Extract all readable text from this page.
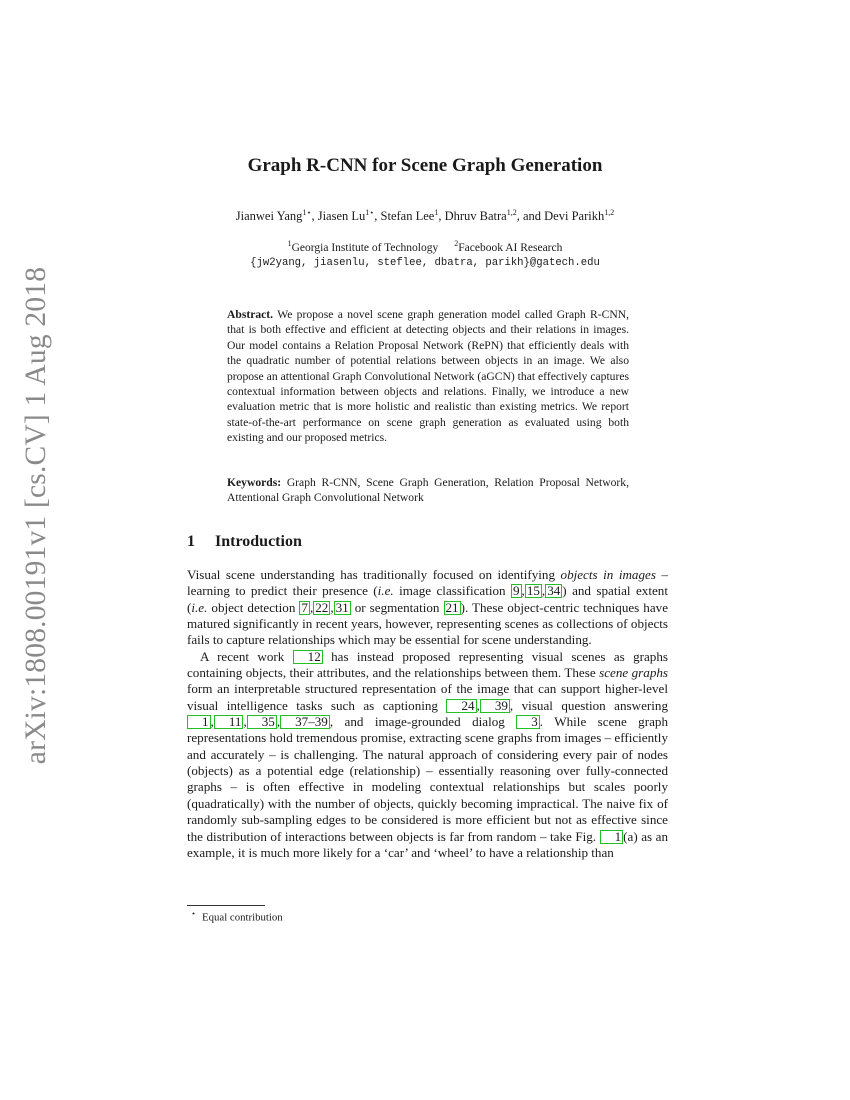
arXiv:1808.00191v1 [cs.CV] 1 Aug 2018
Graph R-CNN for Scene Graph Generation

Jianwei Yang$^{1⋆}$, Jiasen $Lu^{1⋆}$, Stefan Lee$^1$, Dhruv Batra$^{1,2}$, and Devi Parikh$^{1,2}$

$^1$Georgia Institute of Technology $^2$Facebook AI Research

{jw2yang, jiasenlu, steflee, dbatra, parikh}@gatech.edu

Abstract. We propose a novel scene graph generation model called Graph R-CNN, that is both effective and efficient at detecting objects and their relations in images. Our model contains a Relation Proposal Network (RePN) that efficiently deals with the quadratic number of potential relations between objects in an image. We also propose an attentional Graph Convolutional Network (aGCN) that effectively captures contextual information between objects and relations. Finally, we introduce a new evaluation metric that is more holistic and realistic than existing metrics. We report state-of-the-art performance on scene graph generation as evaluated using both existing and our proposed metrics.

Keywords: Graph R-CNN, Scene Graph Generation, Relation Proposal Network, Attentional Graph Convolutional Network

1 Introduction

Visual scene understanding has traditionally focused on identifying objects in images – learning to predict their presence (i.e. image classification 9 , 15 , 34 ) and spatial extent (i.e. object detection 7 , 22 , 31 or segmentation 21 ). These object-centric techniques have matured significantly in recent years, however, representing scenes as collections of objects fails to capture relationships which may be essential for scene understanding.

A recent work 12 has instead proposed representing visual scenes as graphs containing objects, their attributes, and the relationships between them. These scene graphs form an interpretable structured representation of the image that can support higher-level visual intelligence tasks such as captioning 24 , 39 , visual question answering 1 , 11 , 35 , 37–39 , and image-grounded dialog 3 . While scene graph representations hold tremendous promise, extracting scene graphs from images – efficiently and accurately – is challenging. The natural approach of considering every pair of nodes (objects) as a potential edge (relationship) – essentially reasoning over fully-connected graphs – is often effective in modeling contextual relationships but scales poorly (quadratically) with the number of objects, quickly becoming impractical. The naive fix of randomly sub-sampling edges to be considered is more efficient but not as effective since the distribution of interactions between objects is far from random – take Fig. 1 (a) as an example, it is much more likely for a ‘car’ and ‘wheel’ to have a relationship than

⋆ Equal contribution
